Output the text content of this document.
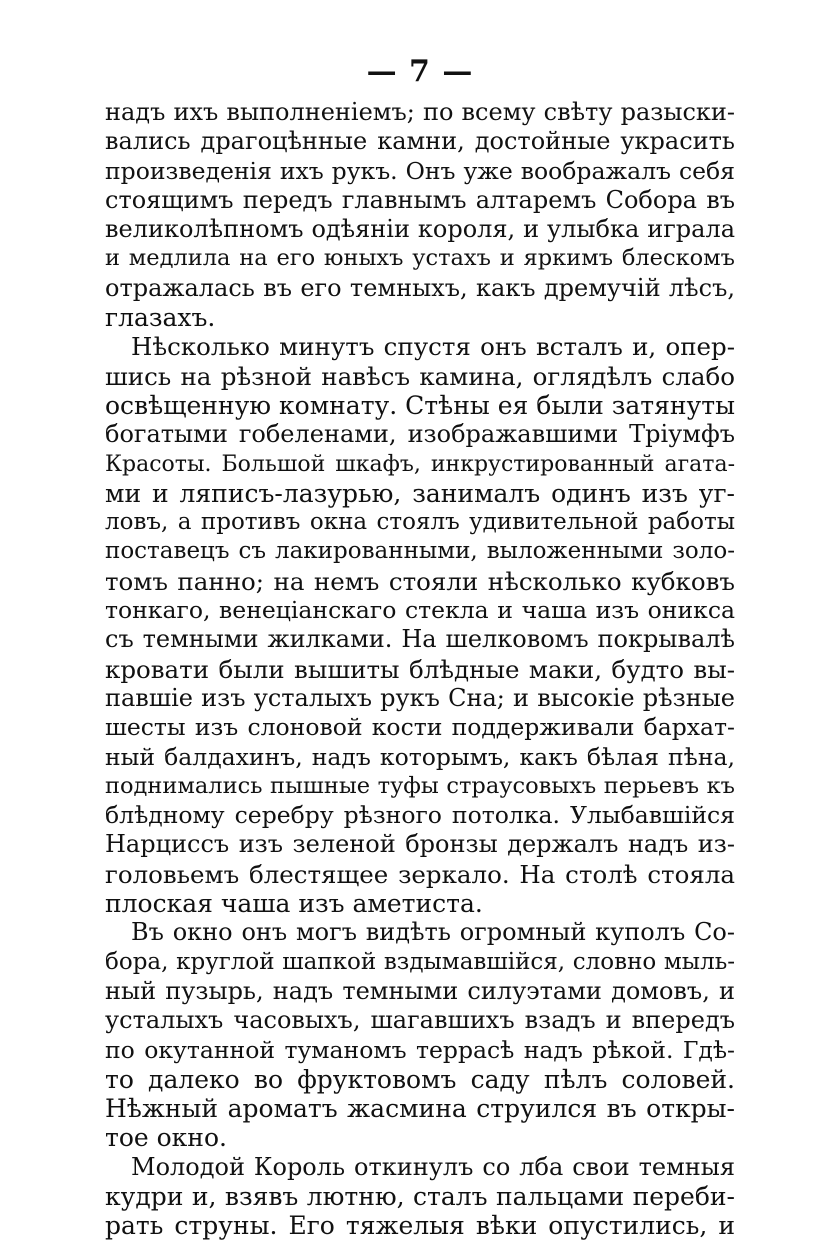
— 7 —
надъ ихъ выполненіемъ; по всему свѣту разыски-
вались драгоцѣнные камни, достойные украсить
произведенія ихъ рукъ. Онъ уже воображалъ себя
стоящимъ передъ главнымъ алтаремъ Собора въ
великолѣпномъ одѣяніи короля, и улыбка играла
и медлила на его юныхъ устахъ и яркимъ блескомъ
отражалась въ его темныхъ, какъ дремучій лѣсъ,
глазахъ.
Нѣсколько минутъ спустя онъ всталъ и, опер-
шись на рѣзной навѣсъ камина, оглядѣлъ слабо
освѣщенную комнату. Стѣны ея были затянуты
богатыми гобеленами, изображавшими Тріумфъ
Красоты. Большой шкафъ, инкрустированный агата-
ми и ляписъ-лазурью, занималъ одинъ изъ уг-
ловъ, а противъ окна стоялъ удивительной работы
поставецъ съ лакированными, выложенными золо-
томъ панно; на немъ стояли нѣсколько кубковъ
тонкаго, венеціанскаго стекла и чаша изъ оникса
съ темными жилками. На шелковомъ покрывалѣ
кровати были вышиты блѣдные маки, будто вы-
павшіе изъ усталыхъ рукъ Сна; и высокіе рѣзные
шесты изъ слоновой кости поддерживали бархат-
ный балдахинъ, надъ которымъ, какъ бѣлая пѣна,
поднимались пышные туфы страусовыхъ перьевъ къ
блѣдному серебру рѣзного потолка. Улыбавшійся
Нарциссъ изъ зеленой бронзы держалъ надъ из-
головьемъ блестящее зеркало. На столѣ стояла
плоская чаша изъ аметиста.
Въ окно онъ могъ видѣть огромный куполъ Со-
бора, круглой шапкой вздымавшійся, словно мыль-
ный пузырь, надъ темными силуэтами домовъ, и
усталыхъ часовыхъ, шагавшихъ взадъ и впередъ
по окутанной туманомъ террасѣ надъ рѣкой. Гдѣ-
то далеко во фруктовомъ саду пѣлъ соловей.
Нѣжный ароматъ жасмина струился въ откры-
тое окно.
Молодой Король откинулъ со лба свои темныя
кудри и, взявъ лютню, сталъ пальцами переби-
рать струны. Его тяжелыя вѣки опустились, и
